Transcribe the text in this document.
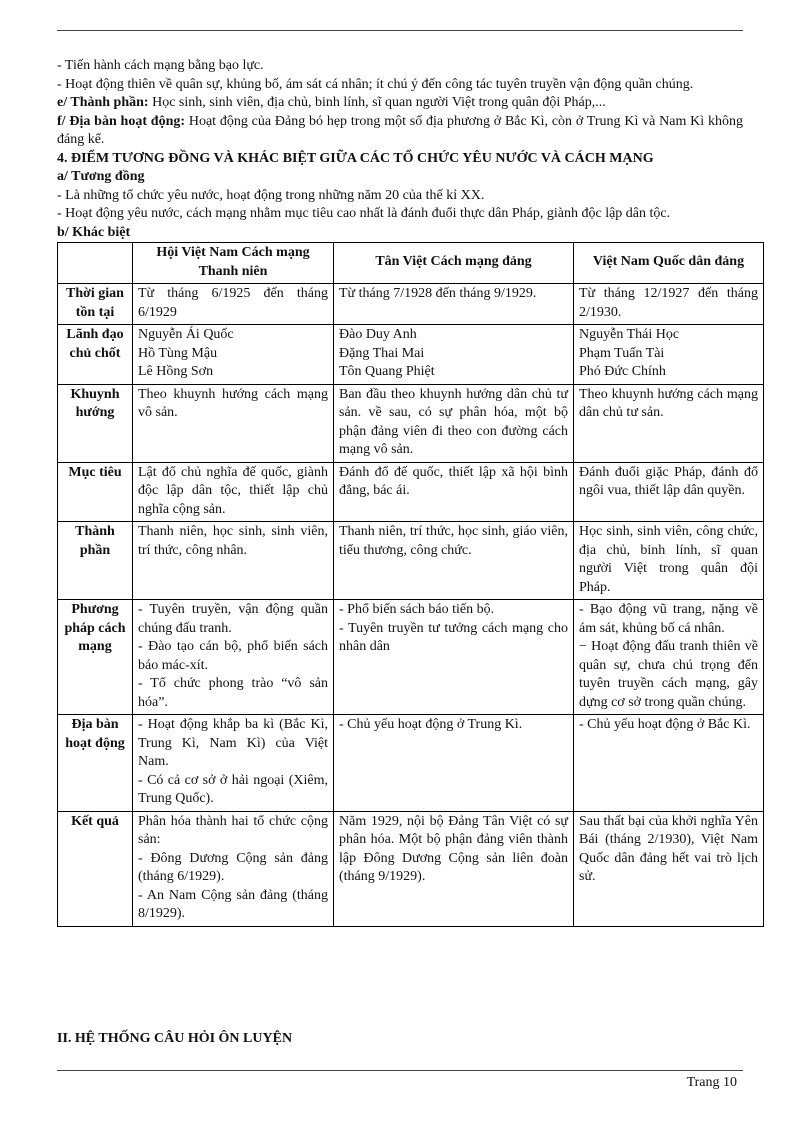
- Tiến hành cách mạng bằng bạo lực.

- Hoạt động thiên về quân sự, khủng bố, ám sát cá nhân; ít chú ý đến công tác tuyên truyền vận động quần chúng.

e/ Thành phần: Học sinh, sinh viên, địa chủ, binh lính, sĩ quan người Việt trong quân đội Pháp,...

f/ Địa bàn hoạt động: Hoạt động của Đảng bó hẹp trong một số địa phương ở Bắc Kì, còn ở Trung Kì và Nam Kì không đáng kể.

4. ĐIỂM TƯƠNG ĐỒNG VÀ KHÁC BIỆT GIỮA CÁC TỔ CHỨC YÊU NƯỚC VÀ CÁCH MẠNG

a/ Tương đồng

- Là những tổ chức yêu nước, hoạt động trong những năm 20 của thế kỉ XX.

- Hoạt động yêu nước, cách mạng nhằm mục tiêu cao nhất là đánh đuổi thực dân Pháp, giành độc lập dân tộc.

b/ Khác biệt

	Hội Việt Nam Cách mạng Thanh niên	Tân Việt Cách mạng đảng	Việt Nam Quốc dân đảng
Thời gian tồn tại	Từ tháng 6/1925 đến tháng 6/1929	Từ tháng 7/1928 đến tháng 9/1929.	Từ tháng 12/1927 đến tháng 2/1930.

Lãnh đạo chủ chốt	Nguyễn Ái Quốc
Hồ Tùng Mậu
Lê Hồng Sơn	Đào Duy Anh
Đặng Thai Mai
Tôn Quang Phiệt	Nguyễn Thái Học
Phạm Tuấn Tài
Phó Đức Chính

Khuynh hướng	Theo khuynh hướng cách mạng vô sản.	Ban đầu theo khuynh hướng dân chủ tư sản. về sau, có sự phân hóa, một bộ phận đảng viên đi theo con đường cách mạng vô sản.	Theo khuynh hướng cách mạng dân chủ tư sản.

Mục tiêu	Lật đổ chủ nghĩa đế quốc, giành độc lập dân tộc, thiết lập chủ nghĩa cộng sản.	Đánh đổ đế quốc, thiết lập xã hội bình đẳng, bác ái.	Đánh đuổi giặc Pháp, đánh đổ ngôi vua, thiết lập dân quyền.

Thành phần	Thanh niên, học sinh, sinh viên, trí thức, công nhân.	Thanh niên, trí thức, học sinh, giáo viên, tiểu thương, công chức.	Học sinh, sinh viên, công chức, địa chủ, binh lính, sĩ quan người Việt trong quân đội Pháp.

Phương pháp cách mạng	- Tuyên truyền, vận động quần chúng đấu tranh.
- Đào tạo cán bộ, phổ biến sách báo mác-xít.
- Tổ chức phong trào “vô sản hóa”.	- Phổ biến sách báo tiến bộ.
- Tuyên truyền tư tưởng cách mạng cho nhân dân	- Bạo động vũ trang, nặng về ám sát, khủng bố cá nhân.
− Hoạt động đấu tranh thiên về quân sự, chưa chú trọng đến tuyên truyền cách mạng, gây dựng cơ sở trong quần chúng.

Địa bàn hoạt động	- Hoạt động khắp ba kì (Bắc Kì, Trung Kì, Nam Kì) của Việt Nam.
- Có cả cơ sở ở hải ngoại (Xiêm, Trung Quốc).	- Chủ yếu hoạt động ở Trung Kì.	- Chủ yếu hoạt động ở Bắc Kì.

Kết quả	Phân hóa thành hai tổ chức cộng sản:
- Đông Dương Cộng sản đảng (tháng 6/1929).
- An Nam Cộng sản đảng (tháng 8/1929).	Năm 1929, nội bộ Đảng Tân Việt có sự phân hóa. Một bộ phận đảng viên thành lập Đông Dương Cộng sản liên đoàn (tháng 9/1929).	Sau thất bại của khởi nghĩa Yên Bái (tháng 2/1930), Việt Nam Quốc dân đảng hết vai trò lịch sử.
II. HỆ THỐNG CÂU HỎI ÔN LUYỆN
Trang 10
